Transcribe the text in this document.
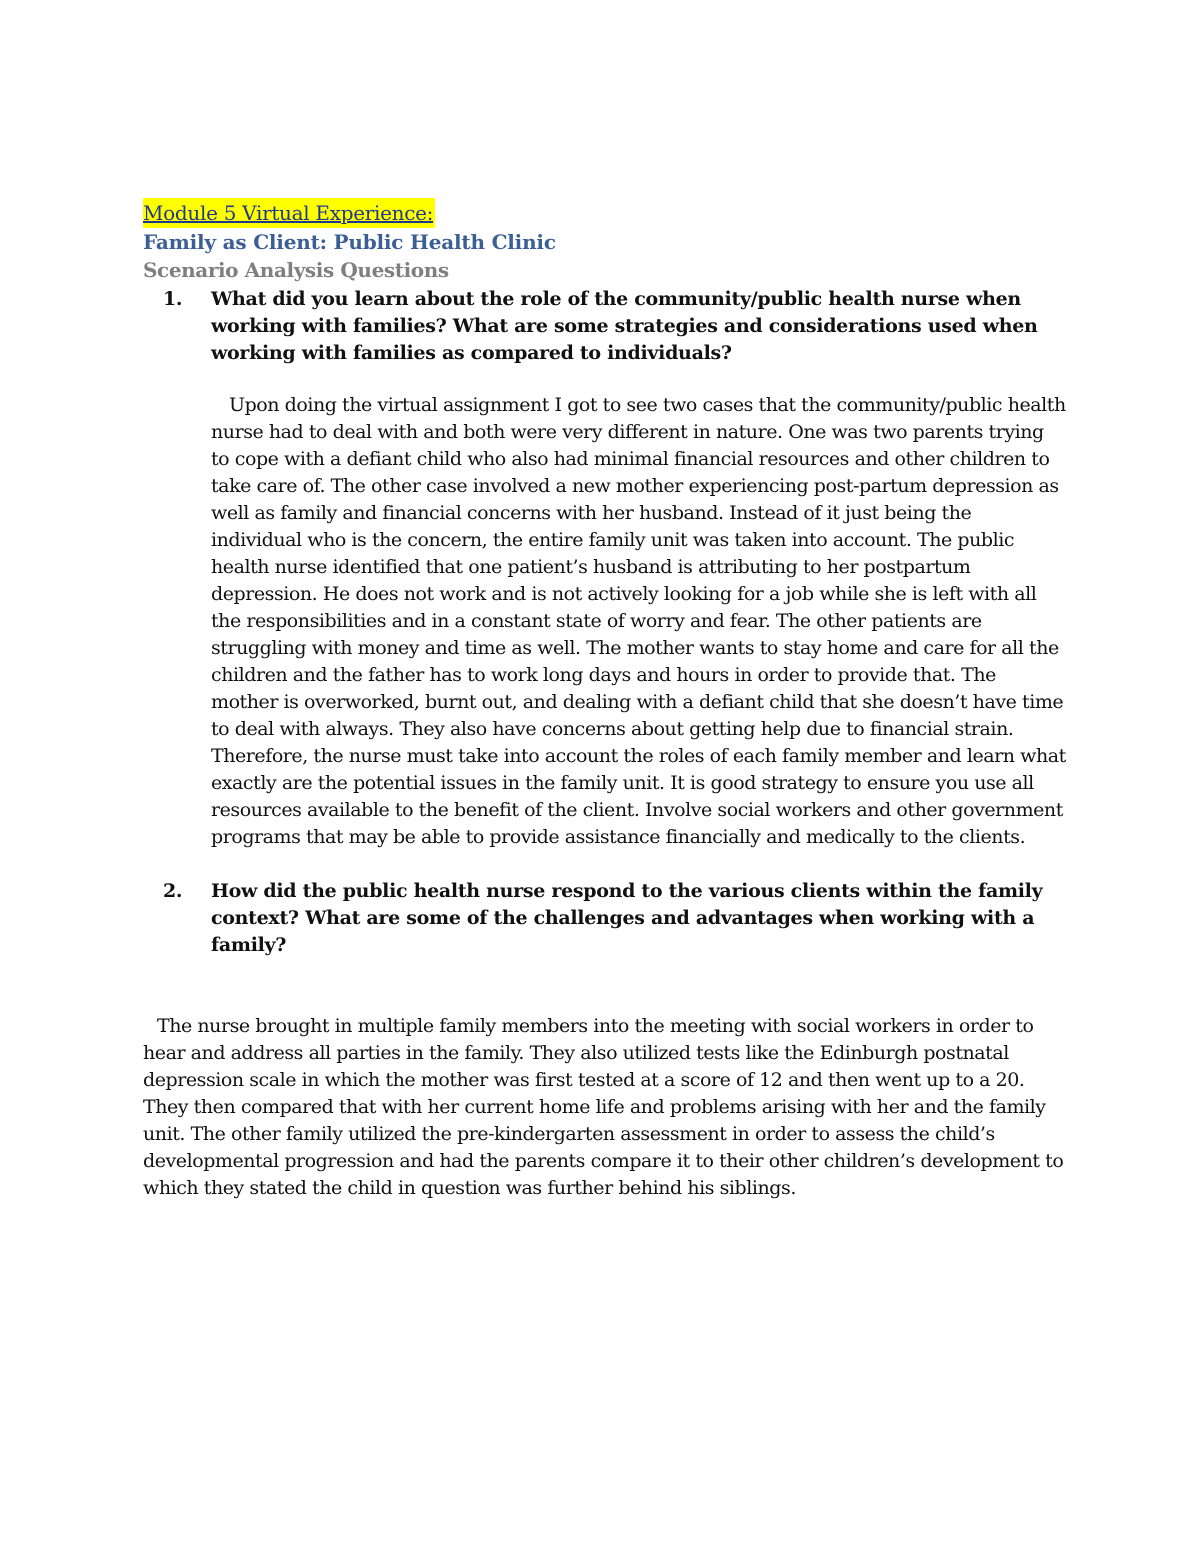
Module 5 Virtual Experience:
Family as Client: Public Health Clinic
Scenario Analysis Questions
1. What did you learn about the role of the community/public health nurse when working with families? What are some strategies and considerations used when working with families as compared to individuals?

Upon doing the virtual assignment I got to see two cases that the community/public health nurse had to deal with and both were very different in nature. One was two parents trying to cope with a defiant child who also had minimal financial resources and other children to take care of. The other case involved a new mother experiencing post-partum depression as well as family and financial concerns with her husband. Instead of it just being the individual who is the concern, the entire family unit was taken into account. The public health nurse identified that one patient’s husband is attributing to her postpartum depression. He does not work and is not actively looking for a job while she is left with all the responsibilities and in a constant state of worry and fear. The other patients are struggling with money and time as well. The mother wants to stay home and care for all the children and the father has to work long days and hours in order to provide that. The mother is overworked, burnt out, and dealing with a defiant child that she doesn’t have time to deal with always. They also have concerns about getting help due to financial strain. Therefore, the nurse must take into account the roles of each family member and learn what exactly are the potential issues in the family unit. It is good strategy to ensure you use all resources available to the benefit of the client. Involve social workers and other government programs that may be able to provide assistance financially and medically to the clients.

2. How did the public health nurse respond to the various clients within the family context? What are some of the challenges and advantages when working with a family?

The nurse brought in multiple family members into the meeting with social workers in order to hear and address all parties in the family. They also utilized tests like the Edinburgh postnatal depression scale in which the mother was first tested at a score of 12 and then went up to a 20. They then compared that with her current home life and problems arising with her and the family unit. The other family utilized the pre-kindergarten assessment in order to assess the child’s developmental progression and had the parents compare it to their other children’s development to which they stated the child in question was further behind his siblings.
